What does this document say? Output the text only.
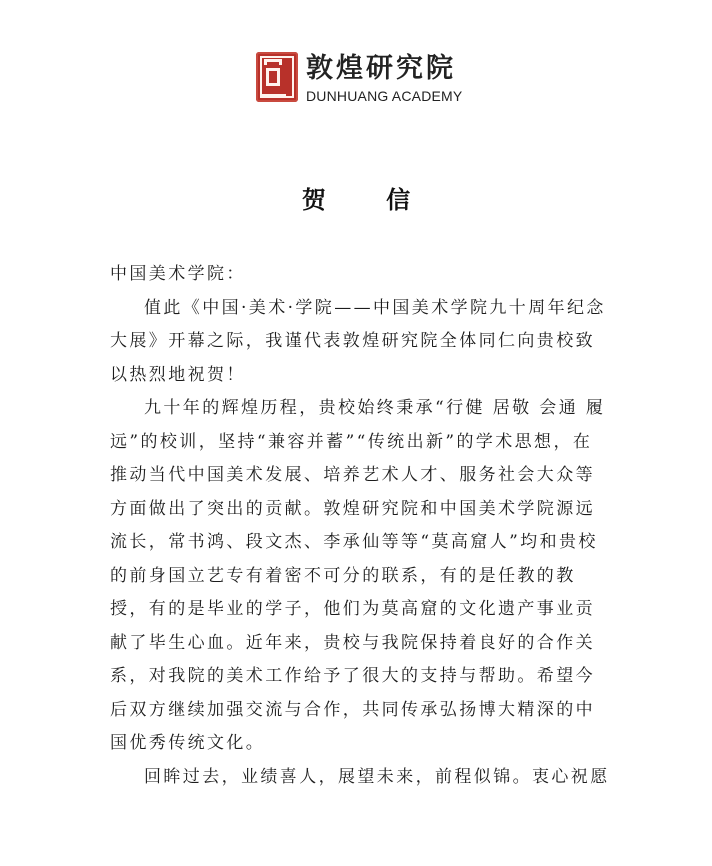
敦煌研究院
DUNHUANG ACADEMY
贺 信

中国美术学院：

值此《中国·美术·学院——中国美术学院九十周年纪念大展》开幕之际，我谨代表敦煌研究院全体同仁向贵校致以热烈地祝贺！

九十年的辉煌历程，贵校始终秉承“行健 居敬 会通 履远”的校训，坚持“兼容并蓄”“传统出新”的学术思想，在推动当代中国美术发展、培养艺术人才、服务社会大众等方面做出了突出的贡献。敦煌研究院和中国美术学院源远流长，常书鸿、段文杰、李承仙等等“莫高窟人”均和贵校的前身国立艺专有着密不可分的联系，有的是任教的教授，有的是毕业的学子，他们为莫高窟的文化遗产事业贡献了毕生心血。近年来，贵校与我院保持着良好的合作关系，对我院的美术工作给予了很大的支持与帮助。希望今后双方继续加强交流与合作，共同传承弘扬博大精深的中国优秀传统文化。

回眸过去，业绩喜人，展望未来，前程似锦。衷心祝愿
